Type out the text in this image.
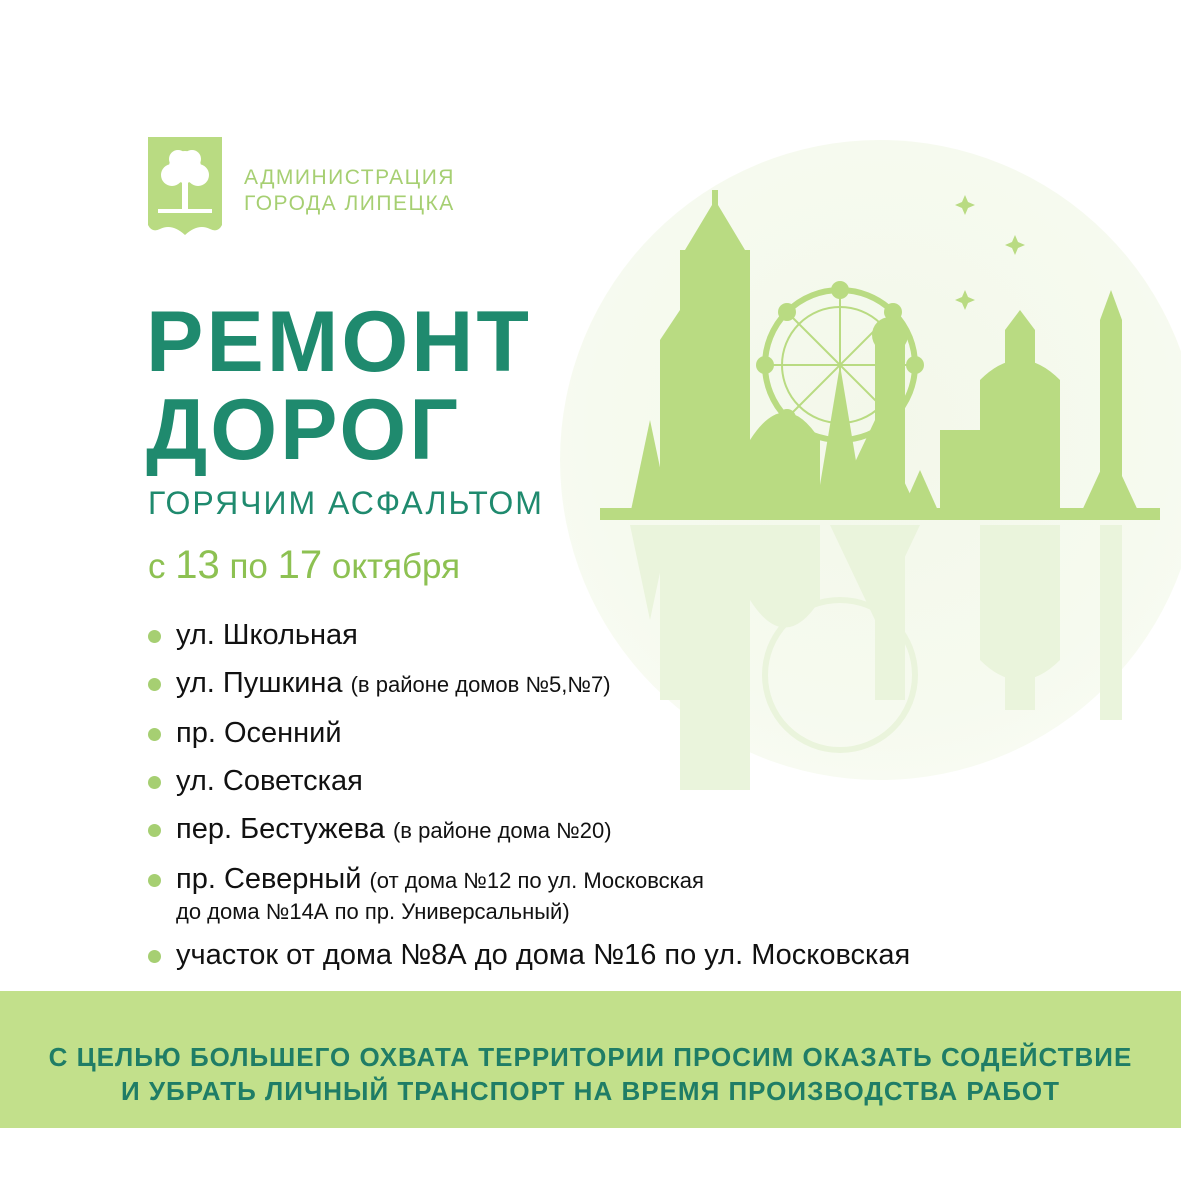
АДМИНИСТРАЦИЯ
ГОРОДА ЛИПЕЦКА
РЕМОНТ
ДОРОГ
ГОРЯЧИМ АСФАЛЬТОМ
с 13 по 17 октября
ул. Школьная
ул. Пушкина (в районе домов №5,№7)
пр. Осенний
ул. Советская
пер. Бестужева (в районе дома №20)
пр. Северный (от дома №12 по ул. Московская
до дома №14А по пр. Универсальный)
участок от дома №8А до дома №16 по ул. Московская
С ЦЕЛЬЮ БОЛЬШЕГО ОХВАТА ТЕРРИТОРИИ ПРОСИМ ОКАЗАТЬ СОДЕЙСТВИЕ
И УБРАТЬ ЛИЧНЫЙ ТРАНСПОРТ НА ВРЕМЯ ПРОИЗВОДСТВА РАБОТ
